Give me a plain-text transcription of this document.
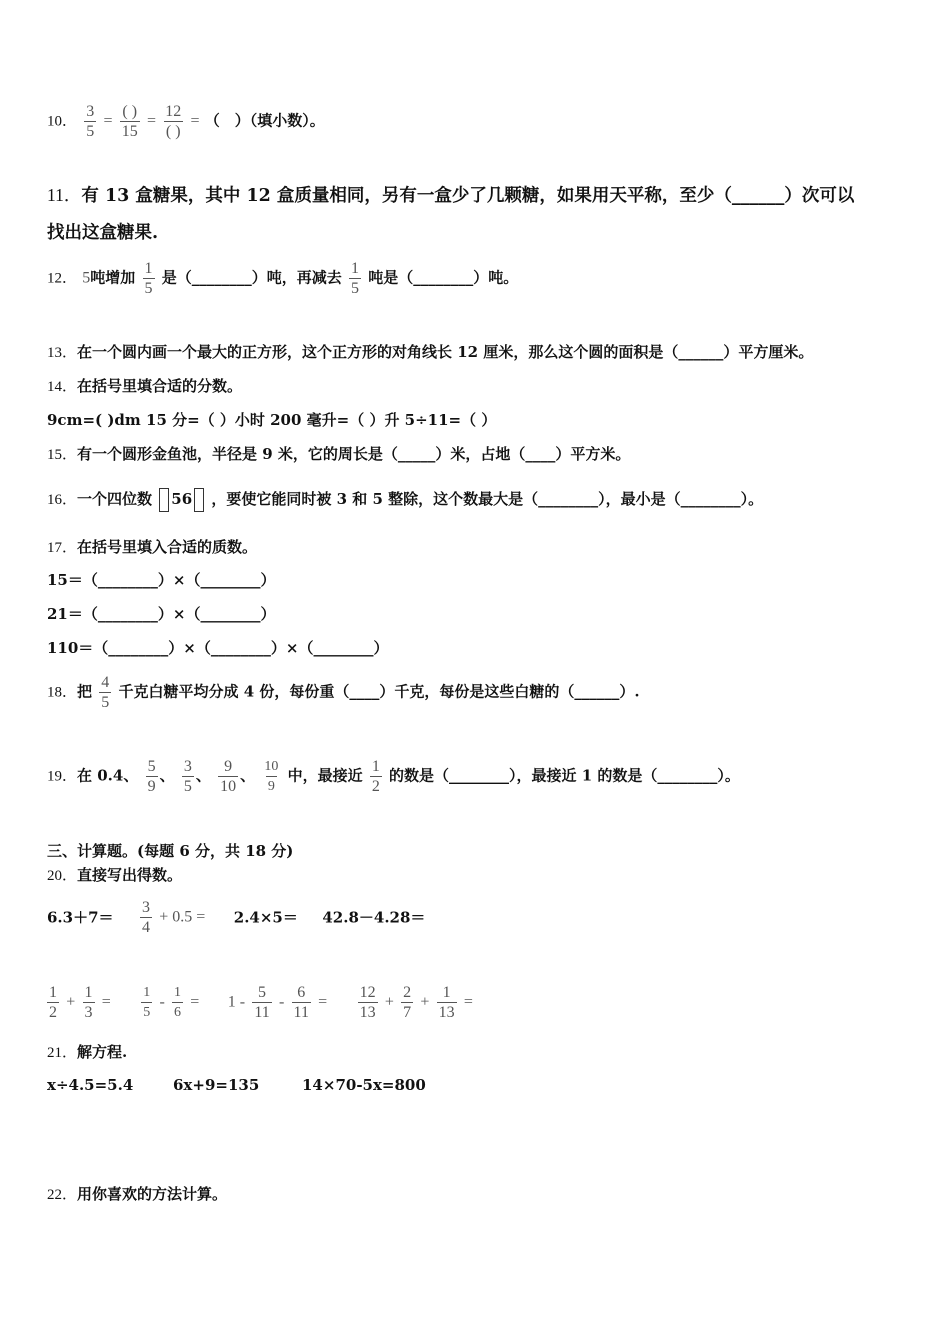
10． $\frac{3}{5}$ =
( )
15
=
12
( )
= （　）（填小数）。
11．有 13 盒糖果，其中 12 盒质量相同，另有一盒少了几颗糖，如果用天平称，至少（______）次可以
找出这盒糖果.
12． 5吨增加 $\frac{1}{5}$ 是（________）吨，再减去 $\frac{1}{5}$ 吨是（________）吨。
13．在一个圆内画一个最大的正方形，这个正方形的对角线长 12 厘米，那么这个圆的面积是（______）平方厘米。
14．在括号里填合适的分数。
9cm=( )dm 15 分=（ ）小时 200 毫升=（ ）升 5÷11=（ ）
15．有一个圆形金鱼池，半径是 9 米，它的周长是（_____）米，占地（____）平方米。
16．一个四位数 56 ，要使它能同时被 3 和 5 整除，这个数最大是（________），最小是（________）。
17．在括号里填入合适的质数。
15＝（________）×（________）
21＝（________）×（________）
110＝（________）×（________）×（________）
18．把 $\frac{4}{5}$ 千克白糖平均分成 4 份，每份重（____）千克，每份是这些白糖的（______）.
19．在 0.4、 $\frac{5}{9}$ 、 $\frac{3}{5}$ 、 $\frac{9}{10}$ 、 $\frac{10}{9}$ 中，最接近 $\frac{1}{2}$ 的数是（________），最接近 1 的数是（________）。
三、计算题。(每题 6 分，共 18 分)
20．直接写出得数。
$6.3+7= \frac{3}{4} + 0.5 = 2.4\times 5= 42.8-4.28=$
$\frac{1}{2} + \frac{1}{3} = \frac{1}{5} - \frac{1}{6} = 1 - \frac{5}{11} - \frac{6}{11} = \frac{12}{13} + \frac{2}{7} + \frac{1}{13}$ =
21．解方程.
x÷4.5=5.4	6x+9=135	14×70-5x=800
22．用你喜欢的方法计算。
